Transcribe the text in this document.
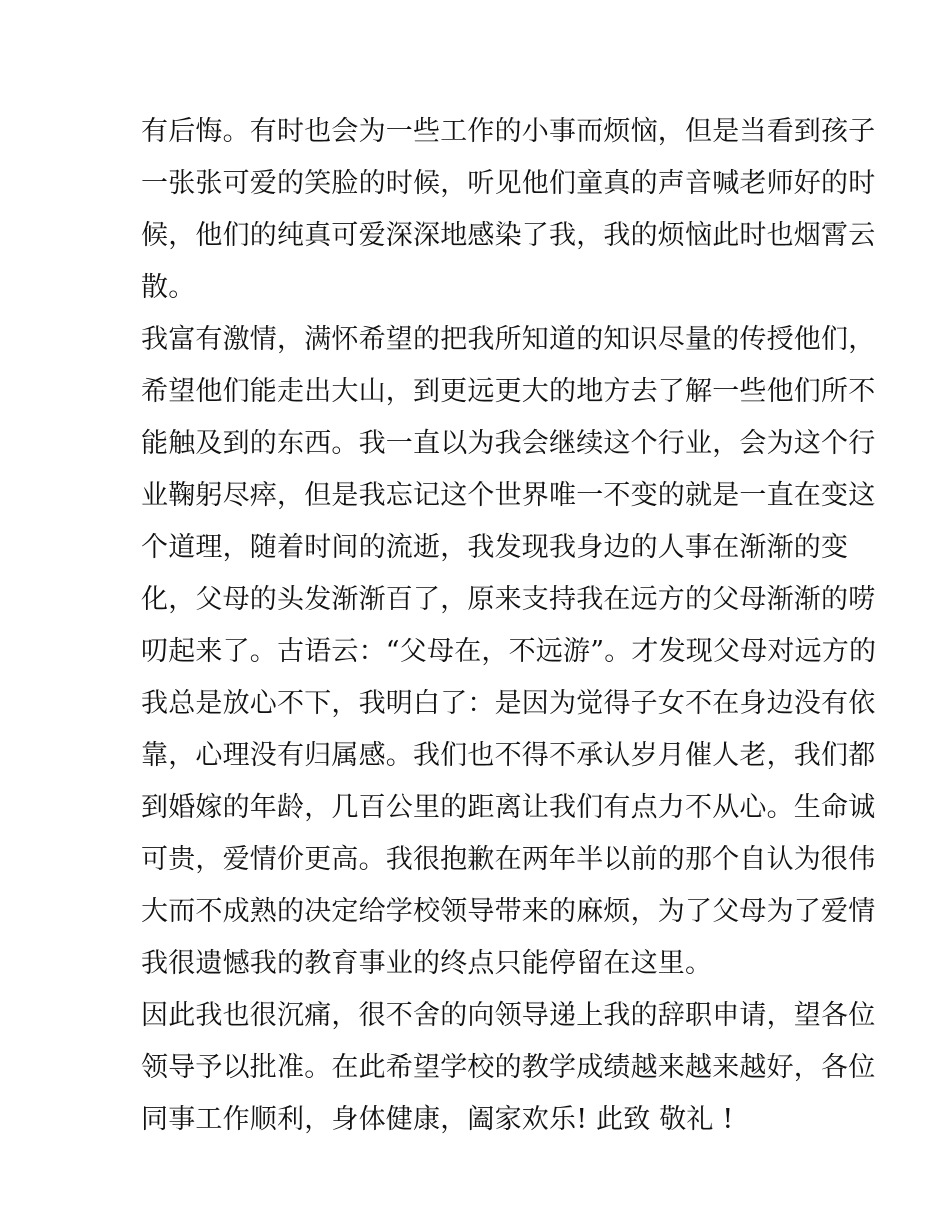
有后悔。有时也会为一些工作的小事而烦恼，但是当看到孩子
一张张可爱的笑脸的时候，听见他们童真的声音喊老师好的时
候，他们的纯真可爱深深地感染了我，我的烦恼此时也烟霄云
散。
我富有激情，满怀希望的把我所知道的知识尽量的传授他们，
希望他们能走出大山，到更远更大的地方去了解一些他们所不
能触及到的东西。我一直以为我会继续这个行业，会为这个行
业鞠躬尽瘁，但是我忘记这个世界唯一不变的就是一直在变这
个道理，随着时间的流逝，我发现我身边的人事在渐渐的变
化，父母的头发渐渐百了，原来支持我在远方的父母渐渐的唠
叨起来了。古语云：“父母在，不远游”。才发现父母对远方的
我总是放心不下，我明白了：是因为觉得子女不在身边没有依
靠，心理没有归属感。我们也不得不承认岁月催人老，我们都
到婚嫁的年龄，几百公里的距离让我们有点力不从心。生命诚
可贵，爱情价更高。我很抱歉在两年半以前的那个自认为很伟
大而不成熟的决定给学校领导带来的麻烦，为了父母为了爱情
我很遗憾我的教育事业的终点只能停留在这里。
因此我也很沉痛，很不舍的向领导递上我的辞职申请，望各位
领导予以批准。在此希望学校的教学成绩越来越来越好，各位
同事工作顺利，身体健康，阖家欢乐! 此致 敬礼 !
